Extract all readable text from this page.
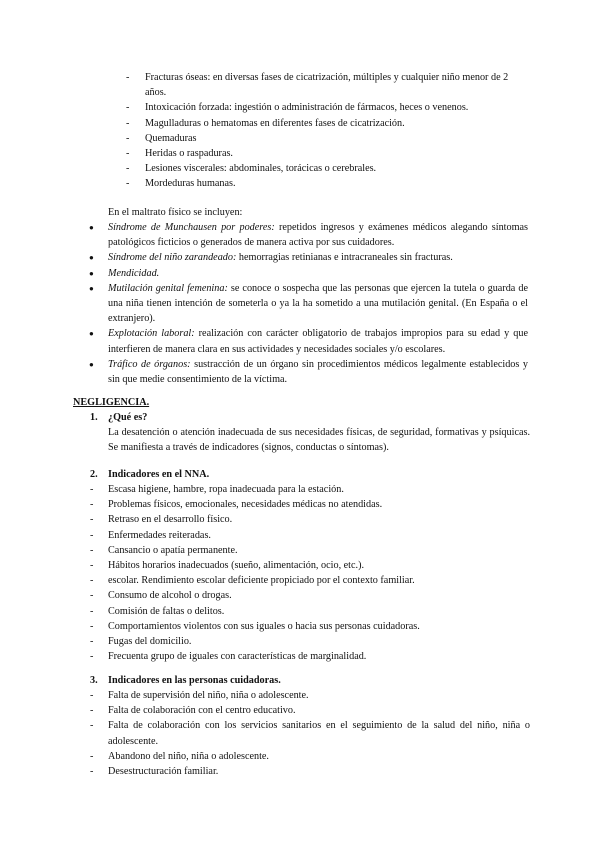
- Fracturas óseas: en diversas fases de cicatrización, múltiples y cualquier niño menor de 2 años.
- Intoxicación forzada: ingestión o administración de fármacos, heces o venenos.
- Magulladuras o hematomas en diferentes fases de cicatrización.
- Quemaduras
- Heridas o raspaduras.
- Lesiones viscerales: abdominales, torácicas o cerebrales.
- Mordeduras humanas.
En el maltrato físico se incluyen:
● Síndrome de Munchausen por poderes: repetidos ingresos y exámenes médicos alegando síntomas patológicos ficticios o generados de manera activa por sus cuidadores.
● Síndrome del niño zarandeado: hemorragias retinianas e intracraneales sin fracturas.
● Mendicidad.
● Mutilación genital femenina: se conoce o sospecha que las personas que ejercen la tutela o guarda de una niña tienen intención de someterla o ya la ha sometido a una mutilación genital. (En España o el extranjero).
● Explotación laboral: realización con carácter obligatorio de trabajos impropios para su edad y que interfieren de manera clara en sus actividades y necesidades sociales y/o escolares.
● Tráfico de órganos: sustracción de un órgano sin procedimientos médicos legalmente establecidos y sin que medie consentimiento de la víctima.
NEGLIGENCIA.
1. ¿Qué es?
La desatención o atención inadecuada de sus necesidades físicas, de seguridad, formativas y psíquicas. Se manifiesta a través de indicadores (signos, conductas o síntomas).
2. Indicadores en el NNA.
- Escasa higiene, hambre, ropa inadecuada para la estación.
- Problemas físicos, emocionales, necesidades médicas no atendidas.
- Retraso en el desarrollo físico.
- Enfermedades reiteradas.
- Cansancio o apatía permanente.
- Hábitos horarios inadecuados (sueño, alimentación, ocio, etc.).
- escolar. Rendimiento escolar deficiente propiciado por el contexto familiar.
- Consumo de alcohol o drogas.
- Comisión de faltas o delitos.
- Comportamientos violentos con sus iguales o hacia sus personas cuidadoras.
- Fugas del domicilio.
- Frecuenta grupo de iguales con características de marginalidad.
3. Indicadores en las personas cuidadoras.
- Falta de supervisión del niño, niña o adolescente.
- Falta de colaboración con el centro educativo.
- Falta de colaboración con los servicios sanitarios en el seguimiento de la salud del niño, niña o adolescente.
- Abandono del niño, niña o adolescente.
- Desestructuración familiar.
